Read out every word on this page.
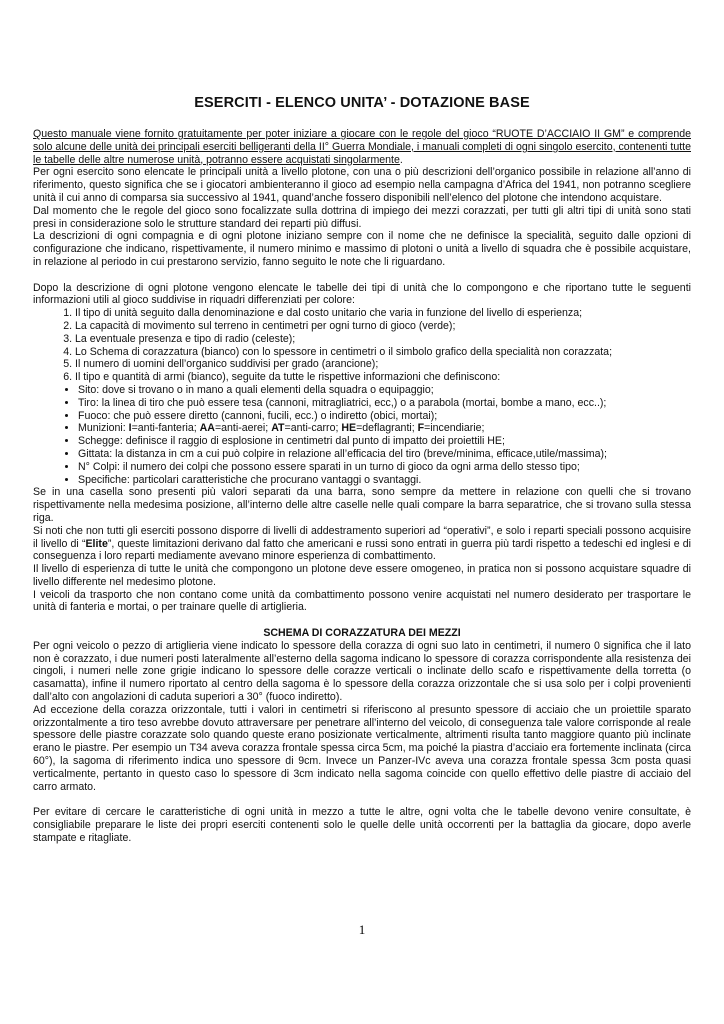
ESERCITI - ELENCO UNITA’ - DOTAZIONE BASE

Questo manuale viene fornito gratuitamente per poter iniziare a giocare con le regole del gioco “RUOTE D’ACCIAIO II GM” e comprende solo alcune delle unità dei principali eserciti belligeranti della II° Guerra Mondiale, i manuali completi di ogni singolo esercito, contenenti tutte le tabelle delle altre numerose unità, potranno essere acquistati singolarmente.

Per ogni esercito sono elencate le principali unità a livello plotone, con una o più descrizioni dell’organico possibile in relazione all’anno di riferimento, questo significa che se i giocatori ambienteranno il gioco ad esempio nella campagna d’Africa del 1941, non potranno scegliere unità il cui anno di comparsa sia successivo al 1941, quand’anche fossero disponibili nell’elenco del plotone che intendono acquistare.

Dal momento che le regole del gioco sono focalizzate sulla dottrina di impiego dei mezzi corazzati, per tutti gli altri tipi di unità sono stati presi in considerazione solo le strutture standard dei reparti più diffusi.

La descrizioni di ogni compagnia e di ogni plotone iniziano sempre con il nome che ne definisce la specialità, seguito dalle opzioni di configurazione che indicano, rispettivamente, il numero minimo e massimo di plotoni o unità a livello di squadra che è possibile acquistare, in relazione al periodo in cui prestarono servizio, fanno seguito le note che li riguardano.

Dopo la descrizione di ogni plotone vengono elencate le tabelle dei tipi di unità che lo compongono e che riportano tutte le seguenti informazioni utili al gioco suddivise in riquadri differenziati per colore:

1. Il tipo di unità seguito dalla denominazione e dal costo unitario che varia in funzione del livello di esperienza;
2. La capacità di movimento sul terreno in centimetri per ogni turno di gioco (verde);
3. La eventuale presenza e tipo di radio (celeste);
4. Lo Schema di corazzatura (bianco) con lo spessore in centimetri o il simbolo grafico della specialità non corazzata;
5. Il numero di uomini dell’organico suddivisi per grado (arancione);
6. Il tipo e quantità di armi (bianco), seguite da tutte le rispettive informazioni che definiscono:
• Sito: dove si trovano o in mano a quali elementi della squadra o equipaggio;
• Tiro: la linea di tiro che può essere tesa (cannoni, mitragliatrici, ecc,) o a parabola (mortai, bombe a mano, ecc..);
• Fuoco: che può essere diretto (cannoni, fucili, ecc.) o indiretto (obici, mortai);
• Munizioni: I=anti-fanteria; AA=anti-aerei; AT=anti-carro; HE=deflagranti; F=incendiarie;
• Schegge: definisce il raggio di esplosione in centimetri dal punto di impatto dei proiettili HE;
• Gittata: la distanza in cm a cui può colpire in relazione all’efficacia del tiro (breve/minima, efficace,utile/massima);
• N° Colpi: il numero dei colpi che possono essere sparati in un turno di gioco da ogni arma dello stesso tipo;
• Specifiche: particolari caratteristiche che procurano vantaggi o svantaggi.

Se in una casella sono presenti più valori separati da una barra, sono sempre da mettere in relazione con quelli che si trovano rispettivamente nella medesima posizione, all’interno delle altre caselle nelle quali compare la barra separatrice, che si trovano sulla stessa riga.

Si noti che non tutti gli eserciti possono disporre di livelli di addestramento superiori ad “operativi”, e solo i reparti speciali possono acquisire il livello di “Elite”, queste limitazioni derivano dal fatto che americani e russi sono entrati in guerra più tardi rispetto a tedeschi ed inglesi e di conseguenza i loro reparti mediamente avevano minore esperienza di combattimento.

Il livello di esperienza di tutte le unità che compongono un plotone deve essere omogeneo, in pratica non si possono acquistare squadre di livello differente nel medesimo plotone.

I veicoli da trasporto che non contano come unità da combattimento possono venire acquistati nel numero desiderato per trasportare le unità di fanteria e mortai, o per trainare quelle di artiglieria.

SCHEMA DI CORAZZATURA DEI MEZZI

Per ogni veicolo o pezzo di artiglieria viene indicato lo spessore della corazza di ogni suo lato in centimetri, il numero 0 significa che il lato non è corazzato, i due numeri posti lateralmente all’esterno della sagoma indicano lo spessore di corazza corrispondente alla resistenza dei cingoli, i numeri nelle zone grigie indicano lo spessore delle corazze verticali o inclinate dello scafo e rispettivamente della torretta (o casamatta), infine il numero riportato al centro della sagoma è lo spessore della corazza orizzontale che si usa solo per i colpi provenienti dall’alto con angolazioni di caduta superiori a 30° (fuoco indiretto).

Ad eccezione della corazza orizzontale, tutti i valori in centimetri si riferiscono al presunto spessore di acciaio che un proiettile sparato orizzontalmente a tiro teso avrebbe dovuto attraversare per penetrare all’interno del veicolo, di conseguenza tale valore corrisponde al reale spessore delle piastre corazzate solo quando queste erano posizionate verticalmente, altrimenti risulta tanto maggiore quanto più inclinate erano le piastre. Per esempio un T34 aveva corazza frontale spessa circa 5cm, ma poiché la piastra d’acciaio era fortemente inclinata (circa 60°), la sagoma di riferimento indica uno spessore di 9cm. Invece un Panzer-IVc aveva una corazza frontale spessa 3cm posta quasi verticalmente, pertanto in questo caso lo spessore di 3cm indicato nella sagoma coincide con quello effettivo delle piastre di acciaio del carro armato.

Per evitare di cercare le caratteristiche di ogni unità in mezzo a tutte le altre, ogni volta che le tabelle devono venire consultate, è consigliabile preparare le liste dei propri eserciti contenenti solo le quelle delle unità occorrenti per la battaglia da giocare, dopo averle stampate e ritagliate.

1
